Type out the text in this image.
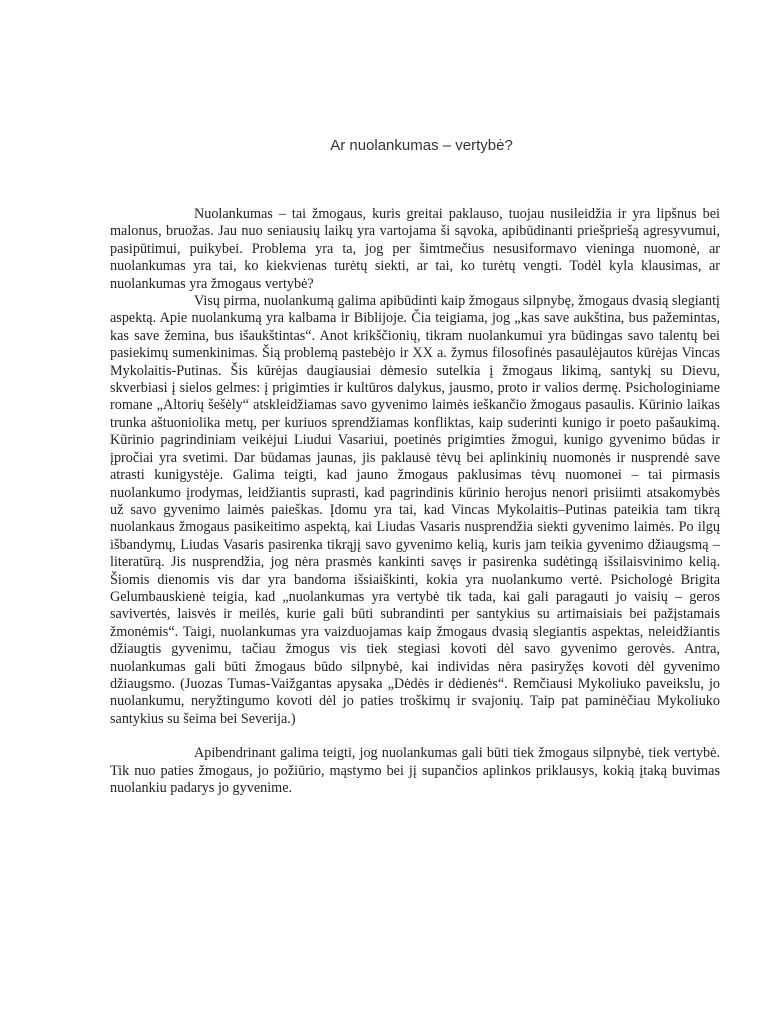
Ar nuolankumas – vertybė?

Nuolankumas – tai žmogaus, kuris greitai paklauso, tuojau nusileidžia ir yra lipšnus bei malonus, bruožas. Jau nuo seniausių laikų yra vartojama ši sąvoka, apibūdinanti priešpriešą agresyvumui, pasipūtimui, puikybei. Problema yra ta, jog per šimtmečius nesusiformavo vieninga nuomonė, ar nuolankumas yra tai, ko kiekvienas turėtų siekti, ar tai, ko turėtų vengti. Todėl kyla klausimas, ar nuolankumas yra žmogaus vertybė?

Visų pirma, nuolankumą galima apibūdinti kaip žmogaus silpnybę, žmogaus dvasią slegiantį aspektą. Apie nuolankumą yra kalbama ir Biblijoje. Čia teigiama, jog „kas save aukština, bus pažemintas, kas save žemina, bus išaukštintas“. Anot krikščionių, tikram nuolankumui yra būdingas savo talentų bei pasiekimų sumenkinimas. Šią problemą pastebėjo ir XX a. žymus filosofinės pasaulėjautos kūrėjas Vincas Mykolaitis-Putinas. Šis kūrėjas daugiausiai dėmesio sutelkia į žmogaus likimą, santykį su Dievu, skverbiasi į sielos gelmes: į prigimties ir kultūros dalykus, jausmo, proto ir valios dermę. Psichologiniame romane „Altorių šešėly“ atskleidžiamas savo gyvenimo laimės ieškančio žmogaus pasaulis. Kūrinio laikas trunka aštuoniolika metų, per kuriuos sprendžiamas konfliktas, kaip suderinti kunigo ir poeto pašaukimą. Kūrinio pagrindiniam veikėjui Liudui Vasariui, poetinės prigimties žmogui, kunigo gyvenimo būdas ir įpročiai yra svetimi. Dar būdamas jaunas, jis paklausė tėvų bei aplinkinių nuomonės ir nusprendė save atrasti kunigystėje. Galima teigti, kad jauno žmogaus paklusimas tėvų nuomonei – tai pirmasis nuolankumo įrodymas, leidžiantis suprasti, kad pagrindinis kūrinio herojus nenori prisiimti atsakomybės už savo gyvenimo laimės paieškas. Įdomu yra tai, kad Vincas Mykolaitis–Putinas pateikia tam tikrą nuolankaus žmogaus pasikeitimo aspektą, kai Liudas Vasaris nusprendžia siekti gyvenimo laimės. Po ilgų išbandymų, Liudas Vasaris pasirenka tikrąjį savo gyvenimo kelią, kuris jam teikia gyvenimo džiaugsmą – literatūrą. Jis nusprendžia, jog nėra prasmės kankinti savęs ir pasirenka sudėtingą išsilaisvinimo kelią. Šiomis dienomis vis dar yra bandoma išsiaiškinti, kokia yra nuolankumo vertė. Psichologė Brigita Gelumbauskienė teigia, kad „nuolankumas yra vertybė tik tada, kai gali paragauti jo vaisių – geros savivertės, laisvės ir meilės, kurie gali būti subrandinti per santykius su artimaisiais bei pažįstamais žmonėmis“. Taigi, nuolankumas yra vaizduojamas kaip žmogaus dvasią slegiantis aspektas, neleidžiantis džiaugtis gyvenimu, tačiau žmogus vis tiek stegiasi kovoti dėl savo gyvenimo gerovės. Antra, nuolankumas gali būti žmogaus būdo silpnybė, kai individas nėra pasiryžęs kovoti dėl gyvenimo džiaugsmo. (Juozas Tumas-Vaižgantas apysaka „Dėdės ir dėdienės“. Remčiausi Mykoliuko paveikslu, jo nuolankumu, neryžtingumo kovoti dėl jo paties troškimų ir svajonių. Taip pat paminėčiau Mykoliuko santykius su šeima bei Severija.)

Apibendrinant galima teigti, jog nuolankumas gali būti tiek žmogaus silpnybė, tiek vertybė. Tik nuo paties žmogaus, jo požiūrio, mąstymo bei jį supančios aplinkos priklausys, kokią įtaką buvimas nuolankiu padarys jo gyvenime.
